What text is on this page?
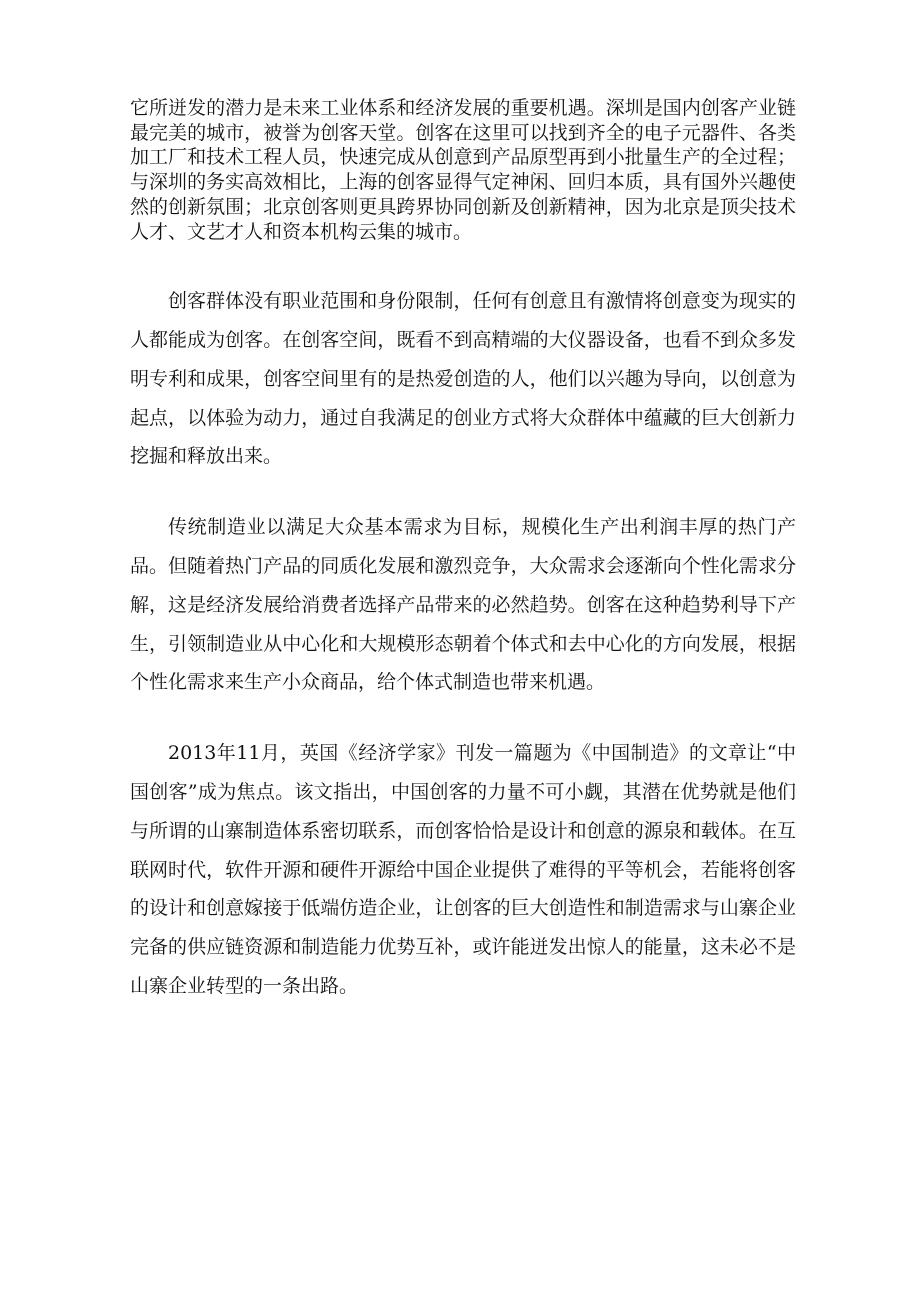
它所迸发的潜力是未来工业体系和经济发展的重要机遇。深圳是国内创客产业链最完美的城市，被誉为创客天堂。创客在这里可以找到齐全的电子元器件、各类加工厂和技术工程人员，快速完成从创意到产品原型再到小批量生产的全过程；与深圳的务实高效相比，上海的创客显得气定神闲、回归本质，具有国外兴趣使然的创新氛围；北京创客则更具跨界协同创新及创新精神，因为北京是顶尖技术人才、文艺才人和资本机构云集的城市。

创客群体没有职业范围和身份限制，任何有创意且有激情将创意变为现实的人都能成为创客。在创客空间，既看不到高精端的大仪器设备，也看不到众多发明专利和成果，创客空间里有的是热爱创造的人，他们以兴趣为导向，以创意为起点，以体验为动力，通过自我满足的创业方式将大众群体中蕴藏的巨大创新力挖掘和释放出来。

传统制造业以满足大众基本需求为目标，规模化生产出利润丰厚的热门产品。但随着热门产品的同质化发展和激烈竞争，大众需求会逐渐向个性化需求分解，这是经济发展给消费者选择产品带来的必然趋势。创客在这种趋势利导下产生，引领制造业从中心化和大规模形态朝着个体式和去中心化的方向发展，根据个性化需求来生产小众商品，给个体式制造也带来机遇。

2013年11月，英国《经济学家》刊发一篇题为《中国制造》的文章让“中国创客”成为焦点。该文指出，中国创客的力量不可小觑，其潜在优势就是他们与所谓的山寨制造体系密切联系，而创客恰恰是设计和创意的源泉和载体。在互联网时代，软件开源和硬件开源给中国企业提供了难得的平等机会，若能将创客的设计和创意嫁接于低端仿造企业，让创客的巨大创造性和制造需求与山寨企业完备的供应链资源和制造能力优势互补，或许能迸发出惊人的能量，这未必不是山寨企业转型的一条出路。
